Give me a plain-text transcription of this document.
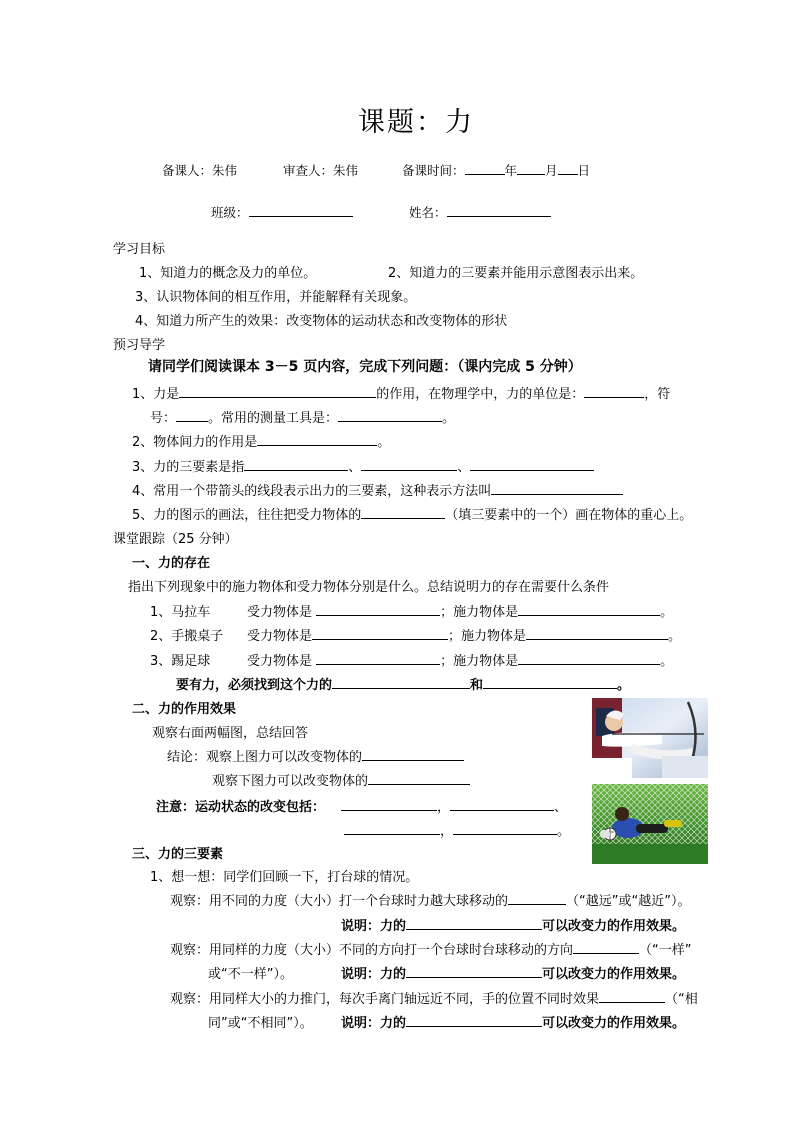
课题：力
备课人：朱伟	审查人：朱伟	备课时间：	年 月 日
班级：	姓名：
学习目标
1、知道力的概念及力的单位。	2、知道力的三要素并能用示意图表示出来。
3、认识物体间的相互作用，并能解释有关现象。
4、知道力所产生的效果：改变物体的运动状态和改变物体的形状
预习导学
请同学们阅读课本 3－5 页内容，完成下列问题：（课内完成 5 分钟）
1、力是	的作用，在物理学中，力的单位是：	，符
号： 。常用的测量工具是：	。
2、物体间力的作用是	。
3、力的三要素是指	、	、
4、常用一个带箭头的线段表示出力的三要素，这种表示方法叫
5、力的图示的画法，往往把受力物体的	（填三要素中的一个）画在物体的重心上。
课堂跟踪（25 分钟）
一、力的存在
指出下列现象中的施力物体和受力物体分别是什么。总结说明力的存在需要什么条件
1、马拉车	受力物体是	；施力物体是	。
2、手搬桌子 受力物体是	；施力物体是	。
3、踢足球	受力物体是	；施力物体是	。
要有力，必须找到这个力的	和	。
二、力的作用效果
观察右面两幅图，总结回答
结论：观察上图力可以改变物体的
观察下图力可以改变物体的
注意：运动状态的改变包括：	，	、
，	。
三、力的三要素
1、想一想：同学们回顾一下，打台球的情况。
观察：用不同的力度（大小）打一个台球时力越大球移动的	（“越远”或“越近”）。
说明：力的	可以改变力的作用效果。
观察：用同样的力度（大小）不同的方向打一个台球时台球移动的方向	（“一样”
或“不一样”）。	说明：力的	可以改变力的作用效果。
观察：用同样大小的力推门，每次手离门轴远近不同，手的位置不同时效果	（“相
同”或“不相同”）。 说明：力的	可以改变力的作用效果。
